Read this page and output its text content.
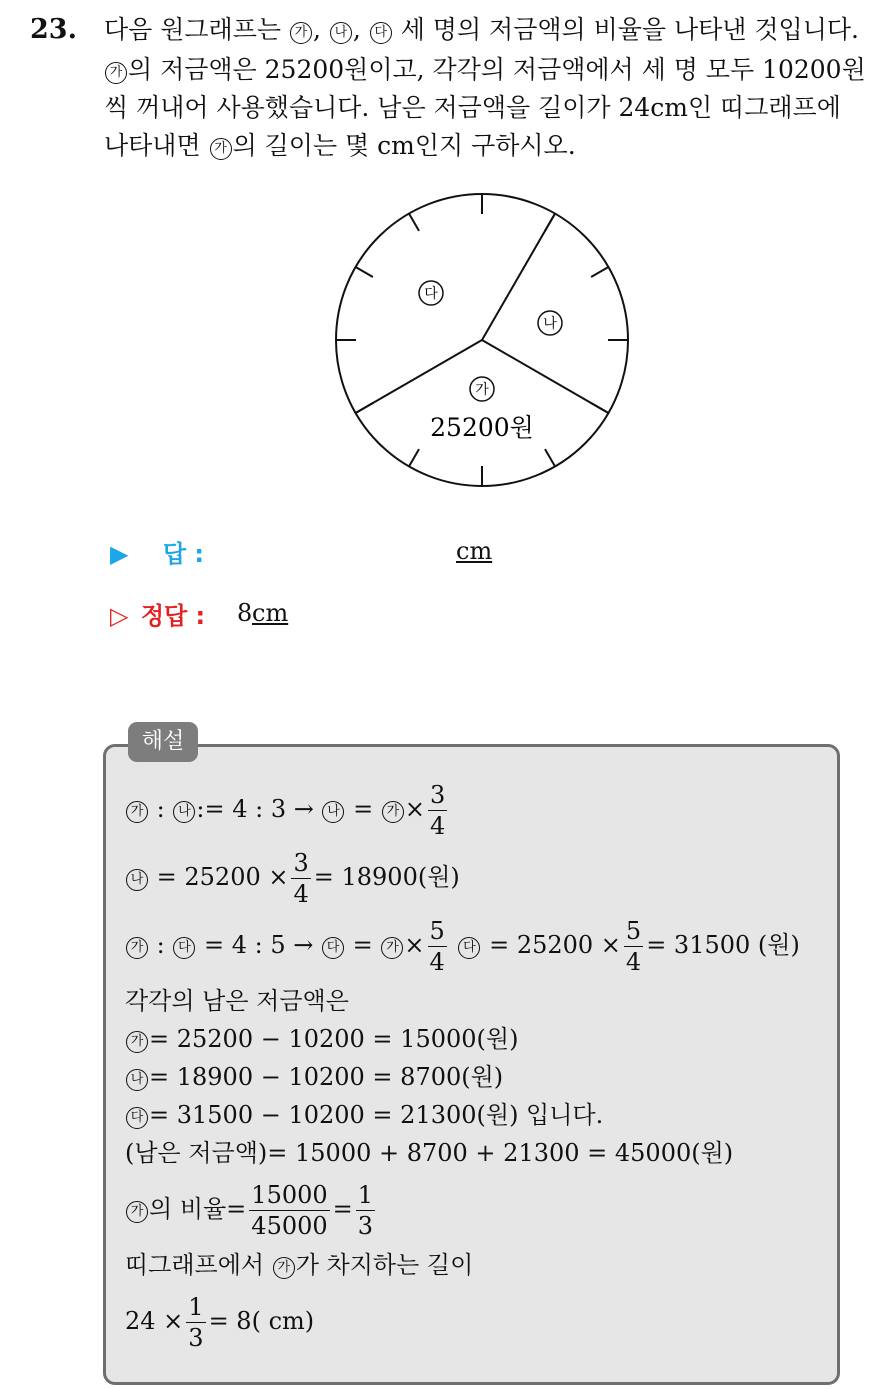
23. 다음 원그래프는 가 , 나 , 다 세 명의 저금액의 비율을 나타낸 것입니다.
가 의 저금액은 25200원이고, 각각의 저금액에서 세 명 모두 10200원
씩 꺼내어 사용했습니다. 남은 저금액을 길이가 24cm인 띠그래프에
나타내면 가 의 길이는 몇 cm인지 구하시오.
다
나
가
25200원
▶ 답 :	cm
▷ 정답 : 8 cm
해설
가 : 나 := 4 : 3 → 나 = 가 × $\frac{3}{4}$
나 = $25200 \times \frac{3}{4} = 18900$(원)
가 : 다 = 4 : 5 → 다 = 가 × $\frac{5}{4}$ 다 = $25200 \times \frac{5}{4} = 31500$ (원)
각각의 남은 저금액은
가 = 25200 − 10200 = 15000(원)
나 = 18900 − 10200 = 8700(원)
다 = 31500 − 10200 = 21300(원) 입니다.
(남은 저금액)= 15000 + 8700 + 21300 = 45000(원)
가 의 비율= $\frac{15000}{45000} = \frac{1}{3}$
띠그래프에서 가 가 차지하는 길이
$24 \times \frac{1}{3} = 8$( cm)
